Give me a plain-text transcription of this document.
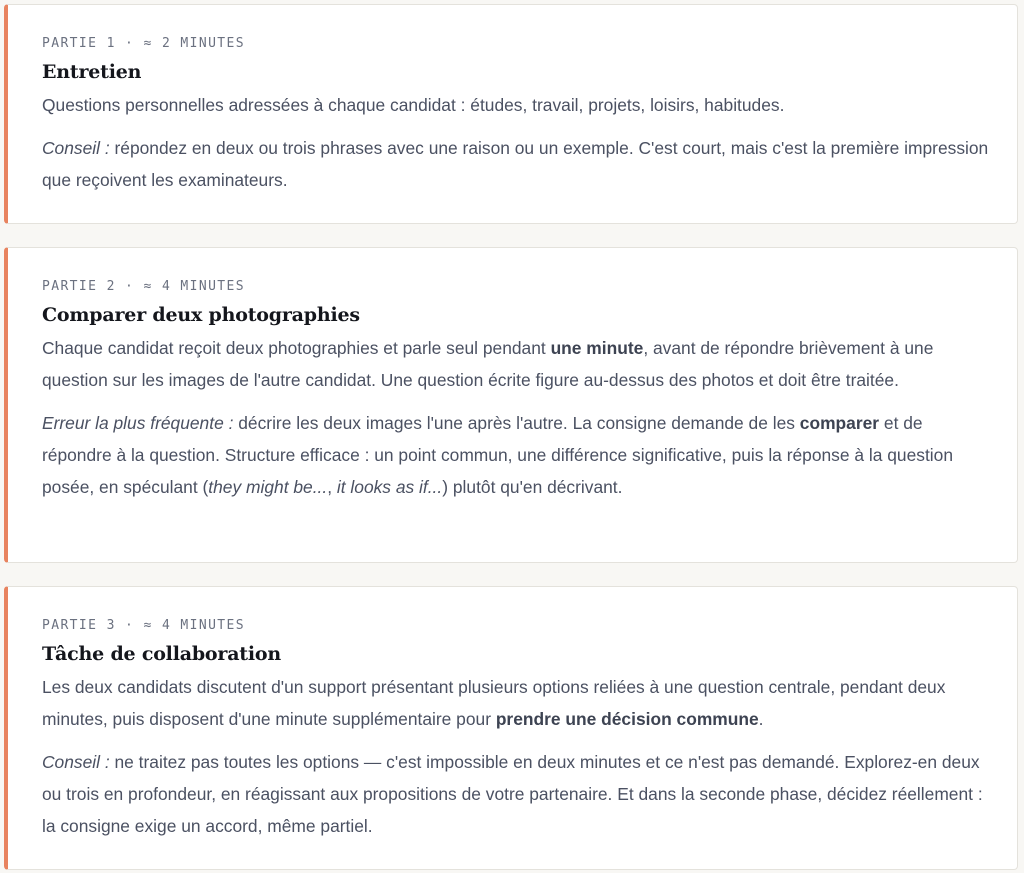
PARTIE 1 · ≈ 2 MINUTES
Entretien

Questions personnelles adressées à chaque candidat : études, travail, projets, loisirs, habitudes.

Conseil : répondez en deux ou trois phrases avec une raison ou un exemple. C'est court, mais c'est la première impression que reçoivent les examinateurs.

PARTIE 2 · ≈ 4 MINUTES
Comparer deux photographies

Chaque candidat reçoit deux photographies et parle seul pendant une minute, avant de répondre brièvement à une question sur les images de l'autre candidat. Une question écrite figure au-dessus des photos et doit être traitée.

Erreur la plus fréquente : décrire les deux images l'une après l'autre. La consigne demande de les comparer et de répondre à la question. Structure efficace : un point commun, une différence significative, puis la réponse à la question posée, en spéculant (they might be..., it looks as if...) plutôt qu'en décrivant.

PARTIE 3 · ≈ 4 MINUTES
Tâche de collaboration

Les deux candidats discutent d'un support présentant plusieurs options reliées à une question centrale, pendant deux minutes, puis disposent d'une minute supplémentaire pour prendre une décision commune.

Conseil : ne traitez pas toutes les options — c'est impossible en deux minutes et ce n'est pas demandé. Explorez-en deux ou trois en profondeur, en réagissant aux propositions de votre partenaire. Et dans la seconde phase, décidez réellement : la consigne exige un accord, même partiel.
